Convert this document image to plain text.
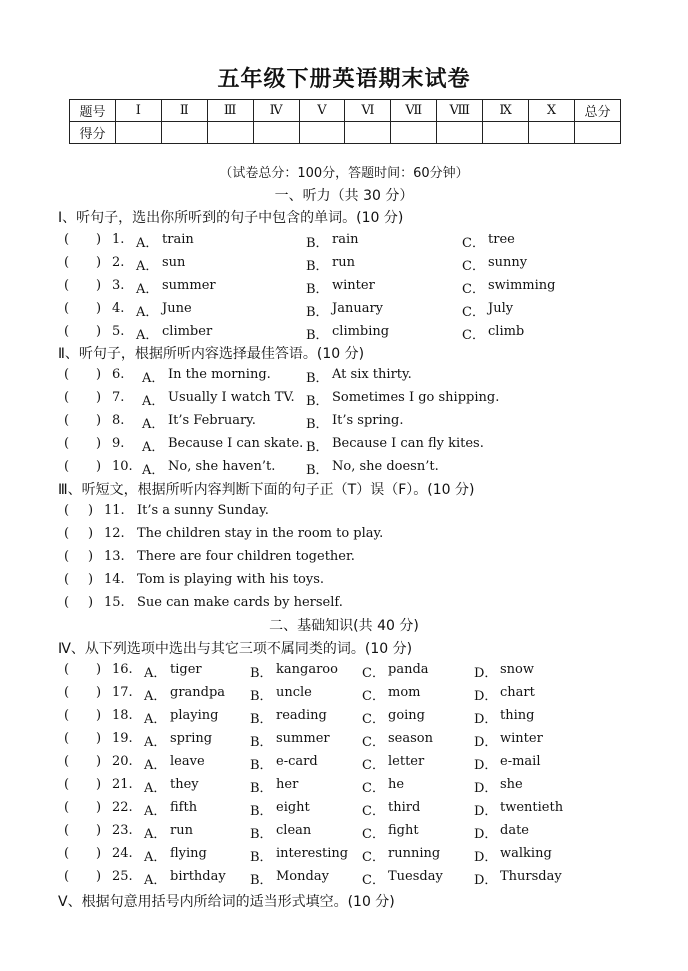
五年级下册英语期末试卷
题号	Ⅰ	Ⅱ	Ⅲ	Ⅳ	Ⅴ	Ⅵ	Ⅶ	Ⅷ	Ⅸ	Ⅹ	总分
得分											
（试卷总分：100分，答题时间：60分钟）
一、听力（共 30 分）
Ⅰ、听句子，选出你所听到的句子中包含的单词。(10 分)
( ) 1. A． train	B． rain	C． tree
( ) 2. A． sun	B． run	C． sunny
( ) 3. A． summer	B． winter	C． swimming
( ) 4. A． June	B． January	C． July
( ) 5. A． climber	B． climbing	C． climb
Ⅱ、听句子，根据所听内容选择最佳答语。(10 分)
( ) 6. A． In the morning.	B． At six thirty.
( ) 7. A． Usually I watch TV. B． Sometimes I go shipping.
( ) 8. A． It’s February.	B． It’s spring.
( ) 9. A． Because I can skate. B． Because I can fly kites.
( ) 10. A． No, she haven’t. B． No, she doesn’t.
Ⅲ、听短文，根据所听内容判断下面的句子正（T）误（F）。(10 分)
( ) 11. It’s a sunny Sunday.
( ) 12. The children stay in the room to play.
( ) 13. There are four children together.
( ) 14. Tom is playing with his toys.
( ) 15. Sue can make cards by herself.
二、基础知识(共 40 分)
Ⅳ、从下列选项中选出与其它三项不属同类的词。(10 分)
( ) 16. A． tiger	B． kangaroo C． panda	D． snow
( ) 17. A． grandpa B． uncle	C． mom	D． chart
( ) 18. A． playing B． reading	C． going	D． thing
( ) 19. A． spring	B． summer C． season	D． winter
( ) 20. A． leave	B． e-card	C． letter	D． e-mail
( ) 21. A． they	B． her	C． he	D． she
( ) 22. A． fifth	B． eight	C． third	D． twentieth
( ) 23. A． run	B． clean	C． fight	D． date
( ) 24. A． flying	B． interesting C． running	D． walking
( ) 25. A． birthday B． Monday	C． Tuesday D． Thursday
Ⅴ、根据句意用括号内所给词的适当形式填空。(10 分)
